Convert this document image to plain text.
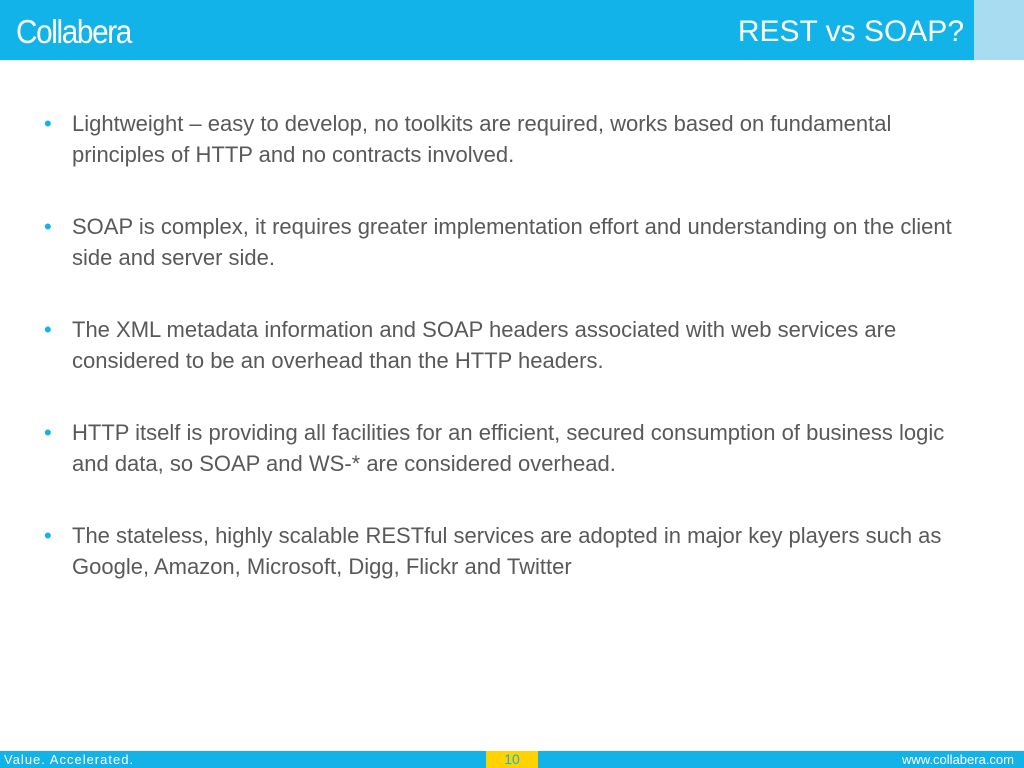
Collabera	REST vs SOAP?
• Lightweight – easy to develop, no toolkits are required, works based on fundamental principles of HTTP and no contracts involved.
• SOAP is complex, it requires greater implementation effort and understanding on the client side and server side.
• The XML metadata information and SOAP headers associated with web services are considered to be an overhead than the HTTP headers.
• HTTP itself is providing all facilities for an efficient, secured consumption of business logic and data, so SOAP and WS-* are considered overhead.
• The stateless, highly scalable RESTful services are adopted in major key players such as Google, Amazon, Microsoft, Digg, Flickr and Twitter
Value. Accelerated.	10	www.collabera.com
